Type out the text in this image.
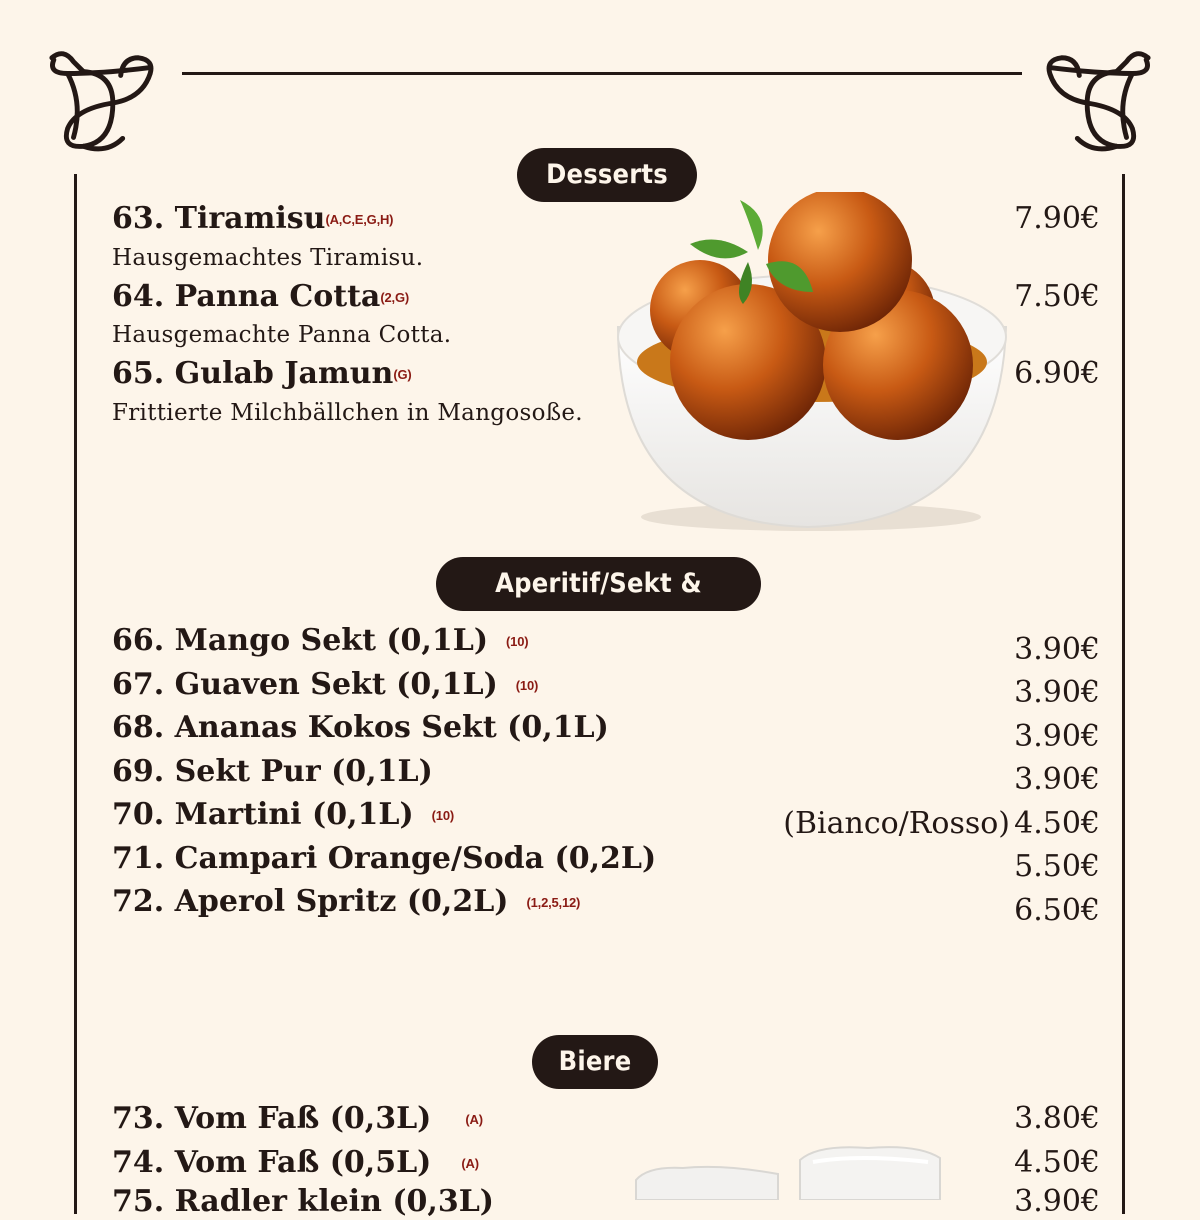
Desserts
63. Tiramisu(A,C,E,G,H)
Hausgemachtes Tiramisu.
7.90€
64. Panna Cotta(2,G)
Hausgemachte Panna Cotta.
7.50€
65. Gulab Jamun(G)
Frittierte Milchbällchen in Mangosoße.
6.90€
Aperitif/Sekt & Prosecco
66. Mango Sekt (0,1L) (10)	3.90€
67. Guaven Sekt (0,1L) (10)	3.90€
68. Ananas Kokos Sekt (0,1L)	3.90€
69. Sekt Pur (0,1L)	3.90€
70. Martini (0,1L) (10)	(Bianco/Rosso) 4.50€
71. Campari Orange/Soda (0,2L)	5.50€
72. Aperol Spritz (0,2L) (1,2,5,12)	6.50€
Biere
73. Vom Faß (0,3L)	(A)	3.80€
74. Vom Faß (0,5L) (A)	4.50€
75. Radler klein (0,3L)	3.90€
